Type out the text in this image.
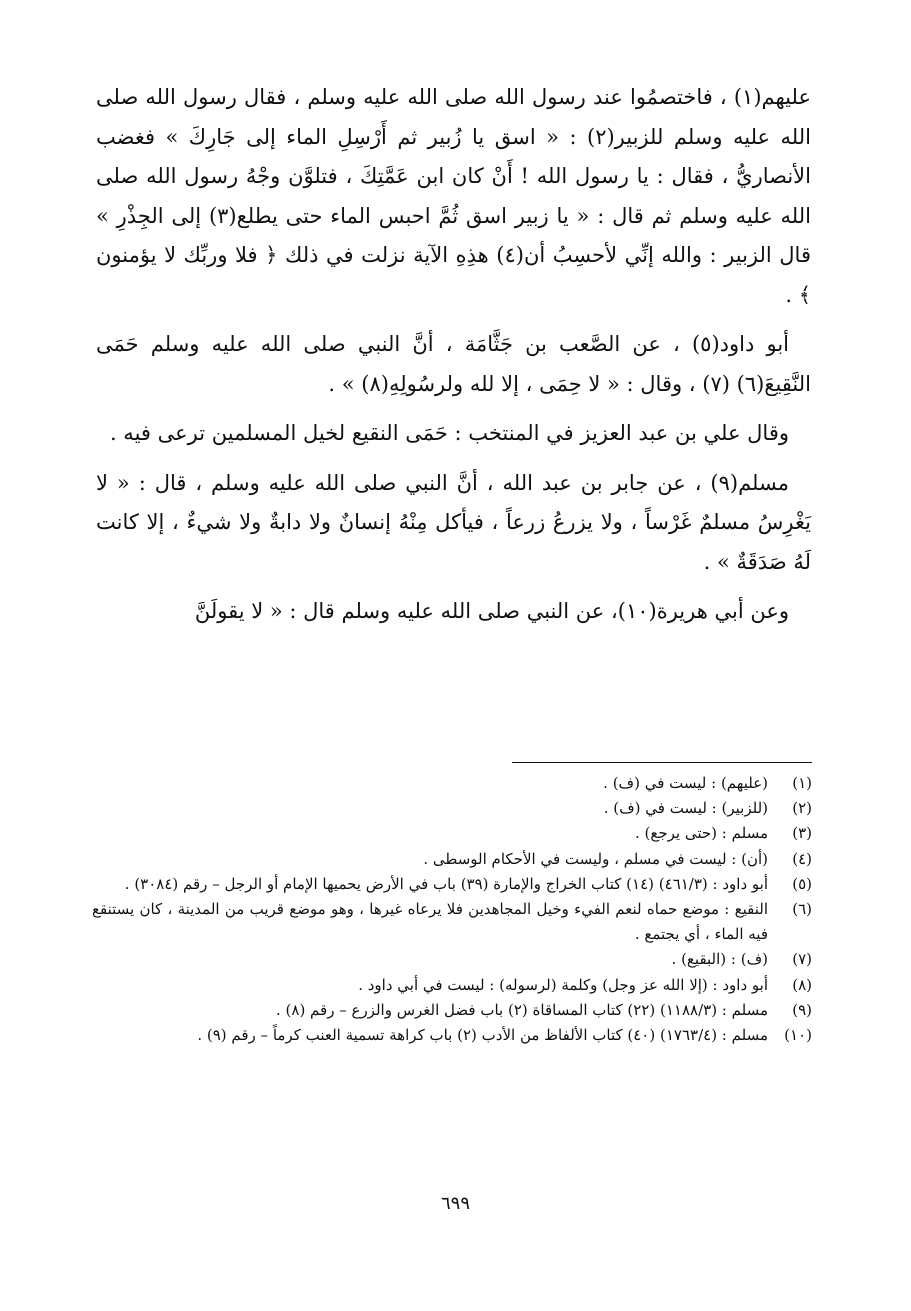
عليهم(١) ، فاختصمُوا عند رسول الله صلى الله عليه وسلم ، فقال رسول الله صلى الله عليه وسلم للزبير(٢) : « اسق يا زُبير ثم أَرْسِلِ الماء إلى جَارِكَ » فغضب الأنصاريُّ ، فقال : يا رسول الله ! أَنْ كان ابن عَمَّتِكَ ، فتلوَّن وجْهُ رسول الله صلى الله عليه وسلم ثم قال : « يا زبير اسق ثُمَّ احبس الماء حتى يطلع(٣) إلى الجِذْرِ » قال الزبير : والله إنِّي لأحسِبُ أن(٤) هذِهِ الآية نزلت في ذلك ﴿ فلا وربِّك لا يؤمنون ﴾ .

أبو داود(٥) ، عن الصَّعب بن جَثَّامَة ، أنَّ النبي صلى الله عليه وسلم حَمَى النَّقِيعَ(٦) (٧) ، وقال : « لا حِمَى ، إلا لله ولرسُولِهِ(٨) » .

وقال علي بن عبد العزيز في المنتخب : حَمَى النقيع لخيل المسلمين ترعى فيه .

مسلم(٩) ، عن جابر بن عبد الله ، أنَّ النبي صلى الله عليه وسلم ، قال : « لا يَغْرِسُ مسلمٌ غَرْساً ، ولا يزرعُ زرعاً ، فيأكل مِنْهُ إنسانٌ ولا دابةٌ ولا شيءٌ ، إلا كانت لَهُ صَدَقَةٌ » .

وعن أبي هريرة(١٠)، عن النبي صلى الله عليه وسلم قال : « لا يقولَنَّ

(١)
(عليهم) : ليست في (ف) .
(٢)
(للزبير) : ليست في (ف) .
(٣)
مسلم : (حتى يرجع) .
(٤)
(أن) : ليست في مسلم ، وليست في الأحكام الوسطى .
(٥)
أبو داود : (٤٦١/٣) (١٤) كتاب الخراج والإمارة (٣٩) باب في الأرض يحميها الإمام أو الرجل – رقم (٣٠٨٤) .
(٦)
النقيع : موضع حماه لنعم الفيء وخيل المجاهدين فلا يرعاه غيرها ، وهو موضع قريب من المدينة ، كان يستنقع فيه الماء ، أي يجتمع .
(٧)
(ف) : (البقيع) .
(٨)
أبو داود : (إلا الله عز وجل) وكلمة (لرسوله) : ليست في أبي داود .
(٩)
مسلم : (١١٨٨/٣) (٢٢) كتاب المساقاة (٢) باب فضل الغرس والزرع – رقم (٨) .
(١٠)
مسلم : (١٧٦٣/٤) (٤٠) كتاب الألفاظ من الأدب (٢) باب كراهة تسمية العنب كرماً – رقم (٩) .
٦٩٩
